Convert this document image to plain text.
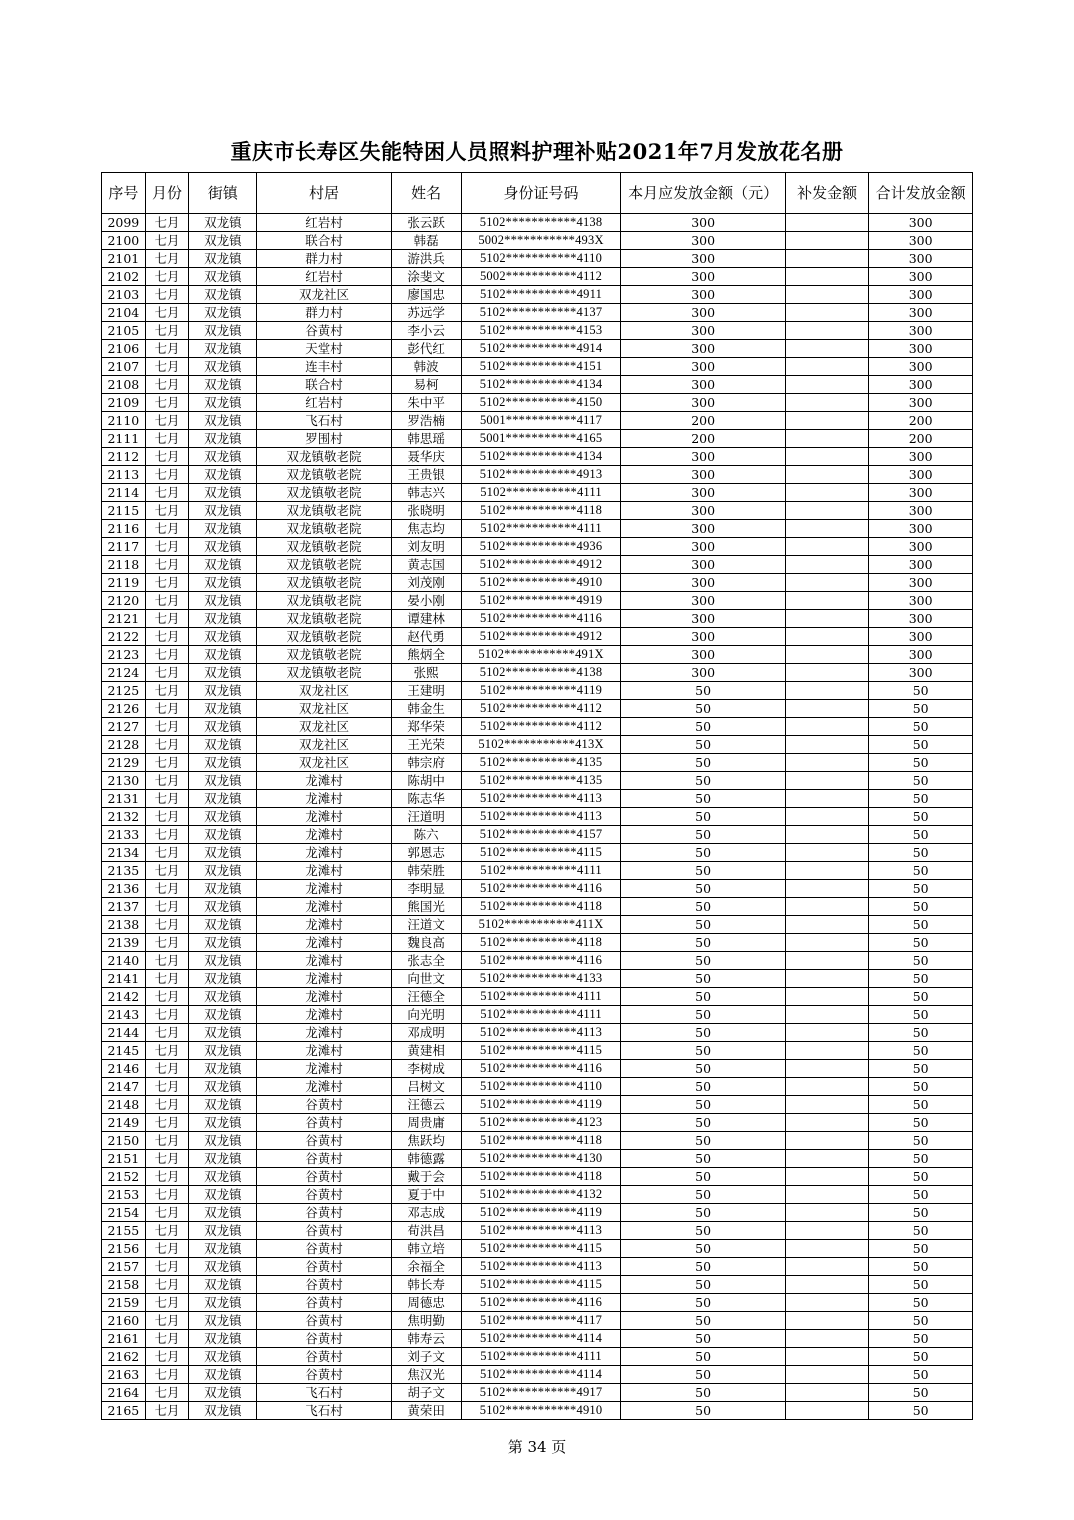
重庆市长寿区失能特困人员照料护理补贴2021年7月发放花名册
序号	月份	街镇	村居	姓名	身份证号码	本月应发放金额（元）	补发金额	合计发放金额
2099	七月	双龙镇	红岩村	张云跃	5102***********4138	300		300
2100	七月	双龙镇	联合村	韩磊	5002***********493X	300		300
2101	七月	双龙镇	群力村	游洪兵	5102***********4110	300		300
2102	七月	双龙镇	红岩村	涂斐文	5002***********4112	300		300
2103	七月	双龙镇	双龙社区	廖国忠	5102***********4911	300		300
2104	七月	双龙镇	群力村	苏远学	5102***********4137	300		300
2105	七月	双龙镇	谷黄村	李小云	5102***********4153	300		300
2106	七月	双龙镇	天堂村	彭代红	5102***********4914	300		300
2107	七月	双龙镇	连丰村	韩波	5102***********4151	300		300
2108	七月	双龙镇	联合村	易柯	5102***********4134	300		300
2109	七月	双龙镇	红岩村	朱中平	5102***********4150	300		300
2110	七月	双龙镇	飞石村	罗浩楠	5001***********4117	200		200
2111	七月	双龙镇	罗围村	韩思瑶	5001***********4165	200		200
2112	七月	双龙镇	双龙镇敬老院	聂华庆	5102***********4134	300		300
2113	七月	双龙镇	双龙镇敬老院	王贵银	5102***********4913	300		300
2114	七月	双龙镇	双龙镇敬老院	韩志兴	5102***********4111	300		300
2115	七月	双龙镇	双龙镇敬老院	张晓明	5102***********4118	300		300
2116	七月	双龙镇	双龙镇敬老院	焦志均	5102***********4111	300		300
2117	七月	双龙镇	双龙镇敬老院	刘友明	5102***********4936	300		300
2118	七月	双龙镇	双龙镇敬老院	黄志国	5102***********4912	300		300
2119	七月	双龙镇	双龙镇敬老院	刘茂刚	5102***********4910	300		300
2120	七月	双龙镇	双龙镇敬老院	晏小刚	5102***********4919	300		300
2121	七月	双龙镇	双龙镇敬老院	谭建林	5102***********4116	300		300
2122	七月	双龙镇	双龙镇敬老院	赵代勇	5102***********4912	300		300
2123	七月	双龙镇	双龙镇敬老院	熊炳全	5102***********491X	300		300
2124	七月	双龙镇	双龙镇敬老院	张熙	5102***********4138	300		300
2125	七月	双龙镇	双龙社区	王建明	5102***********4119	50		50
2126	七月	双龙镇	双龙社区	韩金生	5102***********4112	50		50
2127	七月	双龙镇	双龙社区	郑华荣	5102***********4112	50		50
2128	七月	双龙镇	双龙社区	王光荣	5102***********413X	50		50
2129	七月	双龙镇	双龙社区	韩宗府	5102***********4135	50		50
2130	七月	双龙镇	龙滩村	陈胡中	5102***********4135	50		50
2131	七月	双龙镇	龙滩村	陈志华	5102***********4113	50		50
2132	七月	双龙镇	龙滩村	汪道明	5102***********4113	50		50
2133	七月	双龙镇	龙滩村	陈六	5102***********4157	50		50
2134	七月	双龙镇	龙滩村	郭恩志	5102***********4115	50		50
2135	七月	双龙镇	龙滩村	韩荣胜	5102***********4111	50		50
2136	七月	双龙镇	龙滩村	李明显	5102***********4116	50		50
2137	七月	双龙镇	龙滩村	熊国光	5102***********4118	50		50
2138	七月	双龙镇	龙滩村	汪道文	5102***********411X	50		50
2139	七月	双龙镇	龙滩村	魏良高	5102***********4118	50		50
2140	七月	双龙镇	龙滩村	张志全	5102***********4116	50		50
2141	七月	双龙镇	龙滩村	向世文	5102***********4133	50		50
2142	七月	双龙镇	龙滩村	汪德全	5102***********4111	50		50
2143	七月	双龙镇	龙滩村	向光明	5102***********4111	50		50
2144	七月	双龙镇	龙滩村	邓成明	5102***********4113	50		50
2145	七月	双龙镇	龙滩村	黄建相	5102***********4115	50		50
2146	七月	双龙镇	龙滩村	李树成	5102***********4116	50		50
2147	七月	双龙镇	龙滩村	吕树文	5102***********4110	50		50
2148	七月	双龙镇	谷黄村	汪德云	5102***********4119	50		50
2149	七月	双龙镇	谷黄村	周贵庸	5102***********4123	50		50
2150	七月	双龙镇	谷黄村	焦跃均	5102***********4118	50		50
2151	七月	双龙镇	谷黄村	韩德露	5102***********4130	50		50
2152	七月	双龙镇	谷黄村	戴于会	5102***********4118	50		50
2153	七月	双龙镇	谷黄村	夏于中	5102***********4132	50		50
2154	七月	双龙镇	谷黄村	邓志成	5102***********4119	50		50
2155	七月	双龙镇	谷黄村	荀洪昌	5102***********4113	50		50
2156	七月	双龙镇	谷黄村	韩立培	5102***********4115	50		50
2157	七月	双龙镇	谷黄村	余福全	5102***********4113	50		50
2158	七月	双龙镇	谷黄村	韩长寿	5102***********4115	50		50
2159	七月	双龙镇	谷黄村	周德忠	5102***********4116	50		50
2160	七月	双龙镇	谷黄村	焦明勤	5102***********4117	50		50
2161	七月	双龙镇	谷黄村	韩寿云	5102***********4114	50		50
2162	七月	双龙镇	谷黄村	刘子文	5102***********4111	50		50
2163	七月	双龙镇	谷黄村	焦汉光	5102***********4114	50		50
2164	七月	双龙镇	飞石村	胡子文	5102***********4917	50		50
2165	七月	双龙镇	飞石村	黄荣田	5102***********4910	50		50
第 34 页
